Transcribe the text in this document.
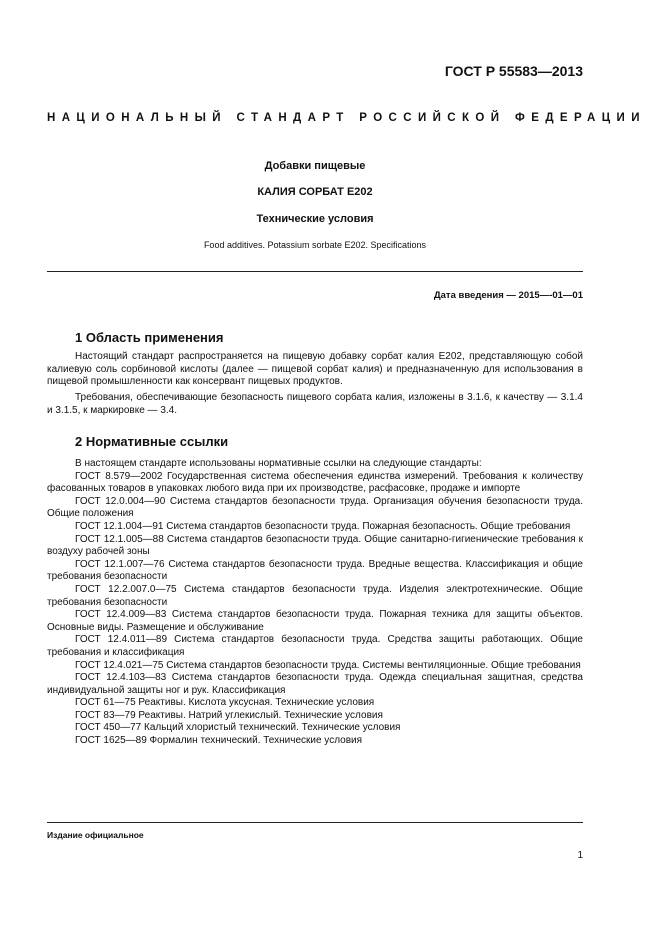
ГОСТ Р 55583—2013
НАЦИОНАЛЬНЫЙ СТАНДАРТ РОССИЙСКОЙ ФЕДЕРАЦИИ
Добавки пищевые
КАЛИЯ СОРБАТ Е202
Технические условия
Food additives. Potassium sorbate E202. Specifications
Дата введения — 2015—-01—01
1 Область применения
Настоящий стандарт распространяется на пищевую добавку сорбат калия Е202, представляющую собой калиевую соль сорбиновой кислоты (далее — пищевой сорбат калия) и предназначенную для использования в пищевой промышленности как консервант пищевых продуктов.
Требования, обеспечивающие безопасность пищевого сорбата калия, изложены в 3.1.6, к качеству — 3.1.4 и 3.1.5, к маркировке — 3.4.
2 Нормативные ссылки
В настоящем стандарте использованы нормативные ссылки на следующие стандарты:
ГОСТ 8.579—2002 Государственная система обеспечения единства измерений. Требования к количеству фасованных товаров в упаковках любого вида при их производстве, расфасовке, продаже и импорте
ГОСТ 12.0.004—90 Система стандартов безопасности труда. Организация обучения безопасности труда. Общие положения
ГОСТ 12.1.004—91 Система стандартов безопасности труда. Пожарная безопасность. Общие требования
ГОСТ 12.1.005—88 Система стандартов безопасности труда. Общие санитарно-гигиенические требования к воздуху рабочей зоны
ГОСТ 12.1.007—76 Система стандартов безопасности труда. Вредные вещества. Классификация и общие требования безопасности
ГОСТ 12.2.007.0—75 Система стандартов безопасности труда. Изделия электротехнические. Общие требования безопасности
ГОСТ 12.4.009—83 Система стандартов безопасности труда. Пожарная техника для защиты объектов. Основные виды. Размещение и обслуживание
ГОСТ 12.4.011—89 Система стандартов безопасности труда. Средства защиты работающих. Общие требования и классификация
ГОСТ 12.4.021—75 Система стандартов безопасности труда. Системы вентиляционные. Общие требования
ГОСТ 12.4.103—83 Система стандартов безопасности труда. Одежда специальная защитная, средства индивидуальной защиты ног и рук. Классификация
ГОСТ 61—75 Реактивы. Кислота уксусная. Технические условия
ГОСТ 83—79 Реактивы. Натрий углекислый. Технические условия
ГОСТ 450—77 Кальций хлористый технический. Технические условия
ГОСТ 1625—89 Формалин технический. Технические условия
Издание официальное
1
